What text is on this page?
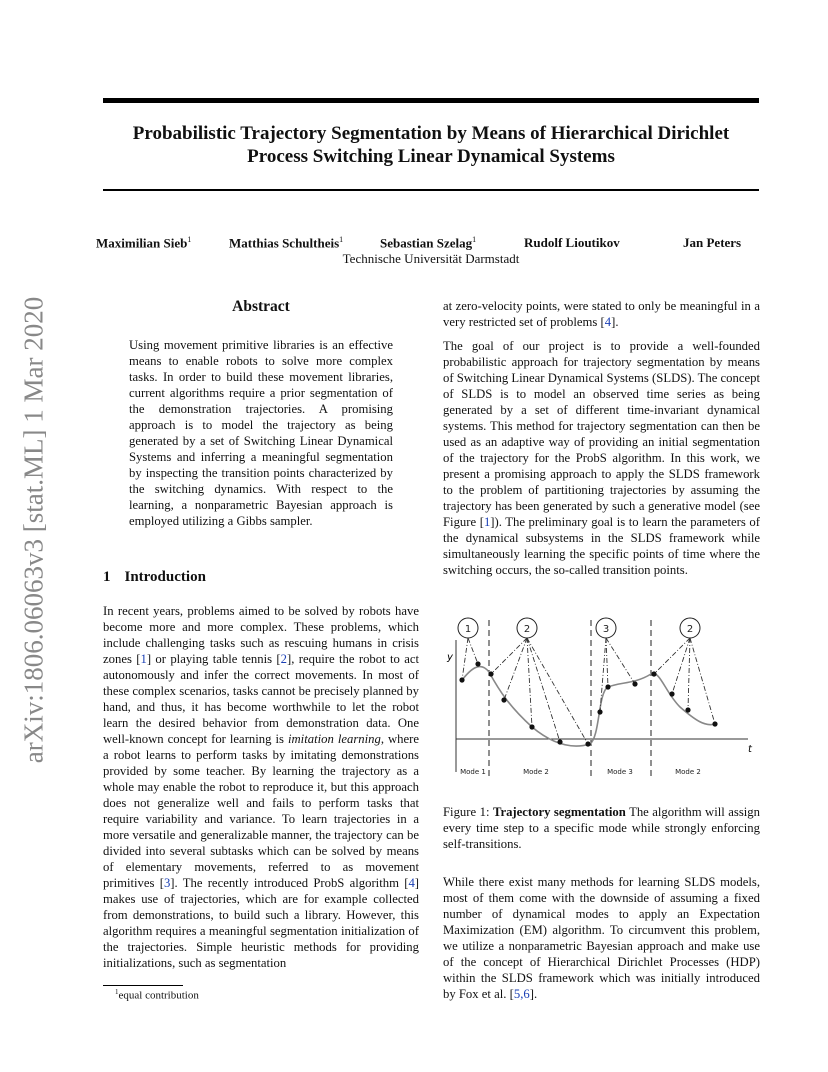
Probabilistic Trajectory Segmentation by Means of Hierarchical Dirichlet
Process Switching Linear Dynamical Systems
Maximilian Sieb$^1$	Matthias Schultheis$^1$	Sebastian Szelag$^1$	Rudolf Lioutikov	Jan Peters
Technische Universität Darmstadt
arXiv:1806.06063v3 [stat.ML] 1 Mar 2020	Abstract

Using movement primitive libraries is an effective means to enable robots to solve more complex tasks. In order to build these movement libraries, current algorithms require a prior segmentation of the demonstration trajectories. A promising approach is to model the trajectory as being generated by a set of Switching Linear Dynamical Systems and inferring a meaningful segmentation by inspecting the transition points characterized by the switching dynamics. With respect to the learning, a nonparametric Bayesian approach is employed utilizing a Gibbs sampler.

1 Introduction

In recent years, problems aimed to be solved by robots have become more and more complex. These problems, which include challenging tasks such as rescuing humans in crisis zones [ 1 ] or playing table tennis [ 2 ] , require the robot to act autonomously and infer the correct movements. In most of these complex scenarios, tasks cannot be precisely planned by hand, and thus, it has become worthwhile to let the robot learn the desired behavior from demonstration data. One well-known concept for learning is imitation learning, where a robot learns to perform tasks by imitating demonstrations provided by some teacher. By learning the trajectory as a whole may enable the robot to reproduce it, but this approach does not generalize well and fails to perform tasks that require variability and variance. To learn trajectories in a more versatile and generalizable manner, the trajectory can be divided into several subtasks which can be solved by means of elementary movements, referred to as movement primitives [ 3 ] . The recently introduced ProbS algorithm [ 4 ] makes use of trajectories, which are for example collected from demonstrations, to build such a library. However, this algorithm requires a meaningful segmentation initialization of the trajectories. Simple heuristic methods for providing initializations, such as segmentation

$^1$equal contribution

at zero-velocity points, were stated to only be meaningful in a very restricted set of problems [ 4 ] .

The goal of our project is to provide a well-founded probabilistic approach for trajectory segmentation by means of Switching Linear Dynamical Systems (SLDS). The concept of SLDS is to model an observed time series as being generated by a set of different time-invariant dynamical systems. This method for trajectory segmentation can then be used as an adaptive way of providing an initial segmentation of the trajectory for the ProbS algorithm. In this work, we present a promising approach to apply the SLDS framework to the problem of partitioning trajectories by assuming the trajectory has been generated by such a generative model (see Figure [ 1 ] ). The preliminary goal is to learn the parameters of the dynamical subsystems in the SLDS framework while simultaneously learning the specific points of time where the switching occurs, the so-called transition points.

y
t
1	2	3	2
Mode 1	Mode 2	Mode 3	Mode 2
Figure 1: Trajectory segmentation The algorithm will assign every time step to a specific mode while strongly enforcing self-transitions.

While there exist many methods for learning SLDS models, most of them come with the downside of assuming a fixed number of dynamical modes to apply an Expectation Maximization (EM) algorithm. To circumvent this problem, we utilize a nonparametric Bayesian approach and make use of the concept of Hierarchical Dirichlet Processes (HDP) within the SLDS framework which was initially introduced by Fox et al. [ 5,6 ] .
